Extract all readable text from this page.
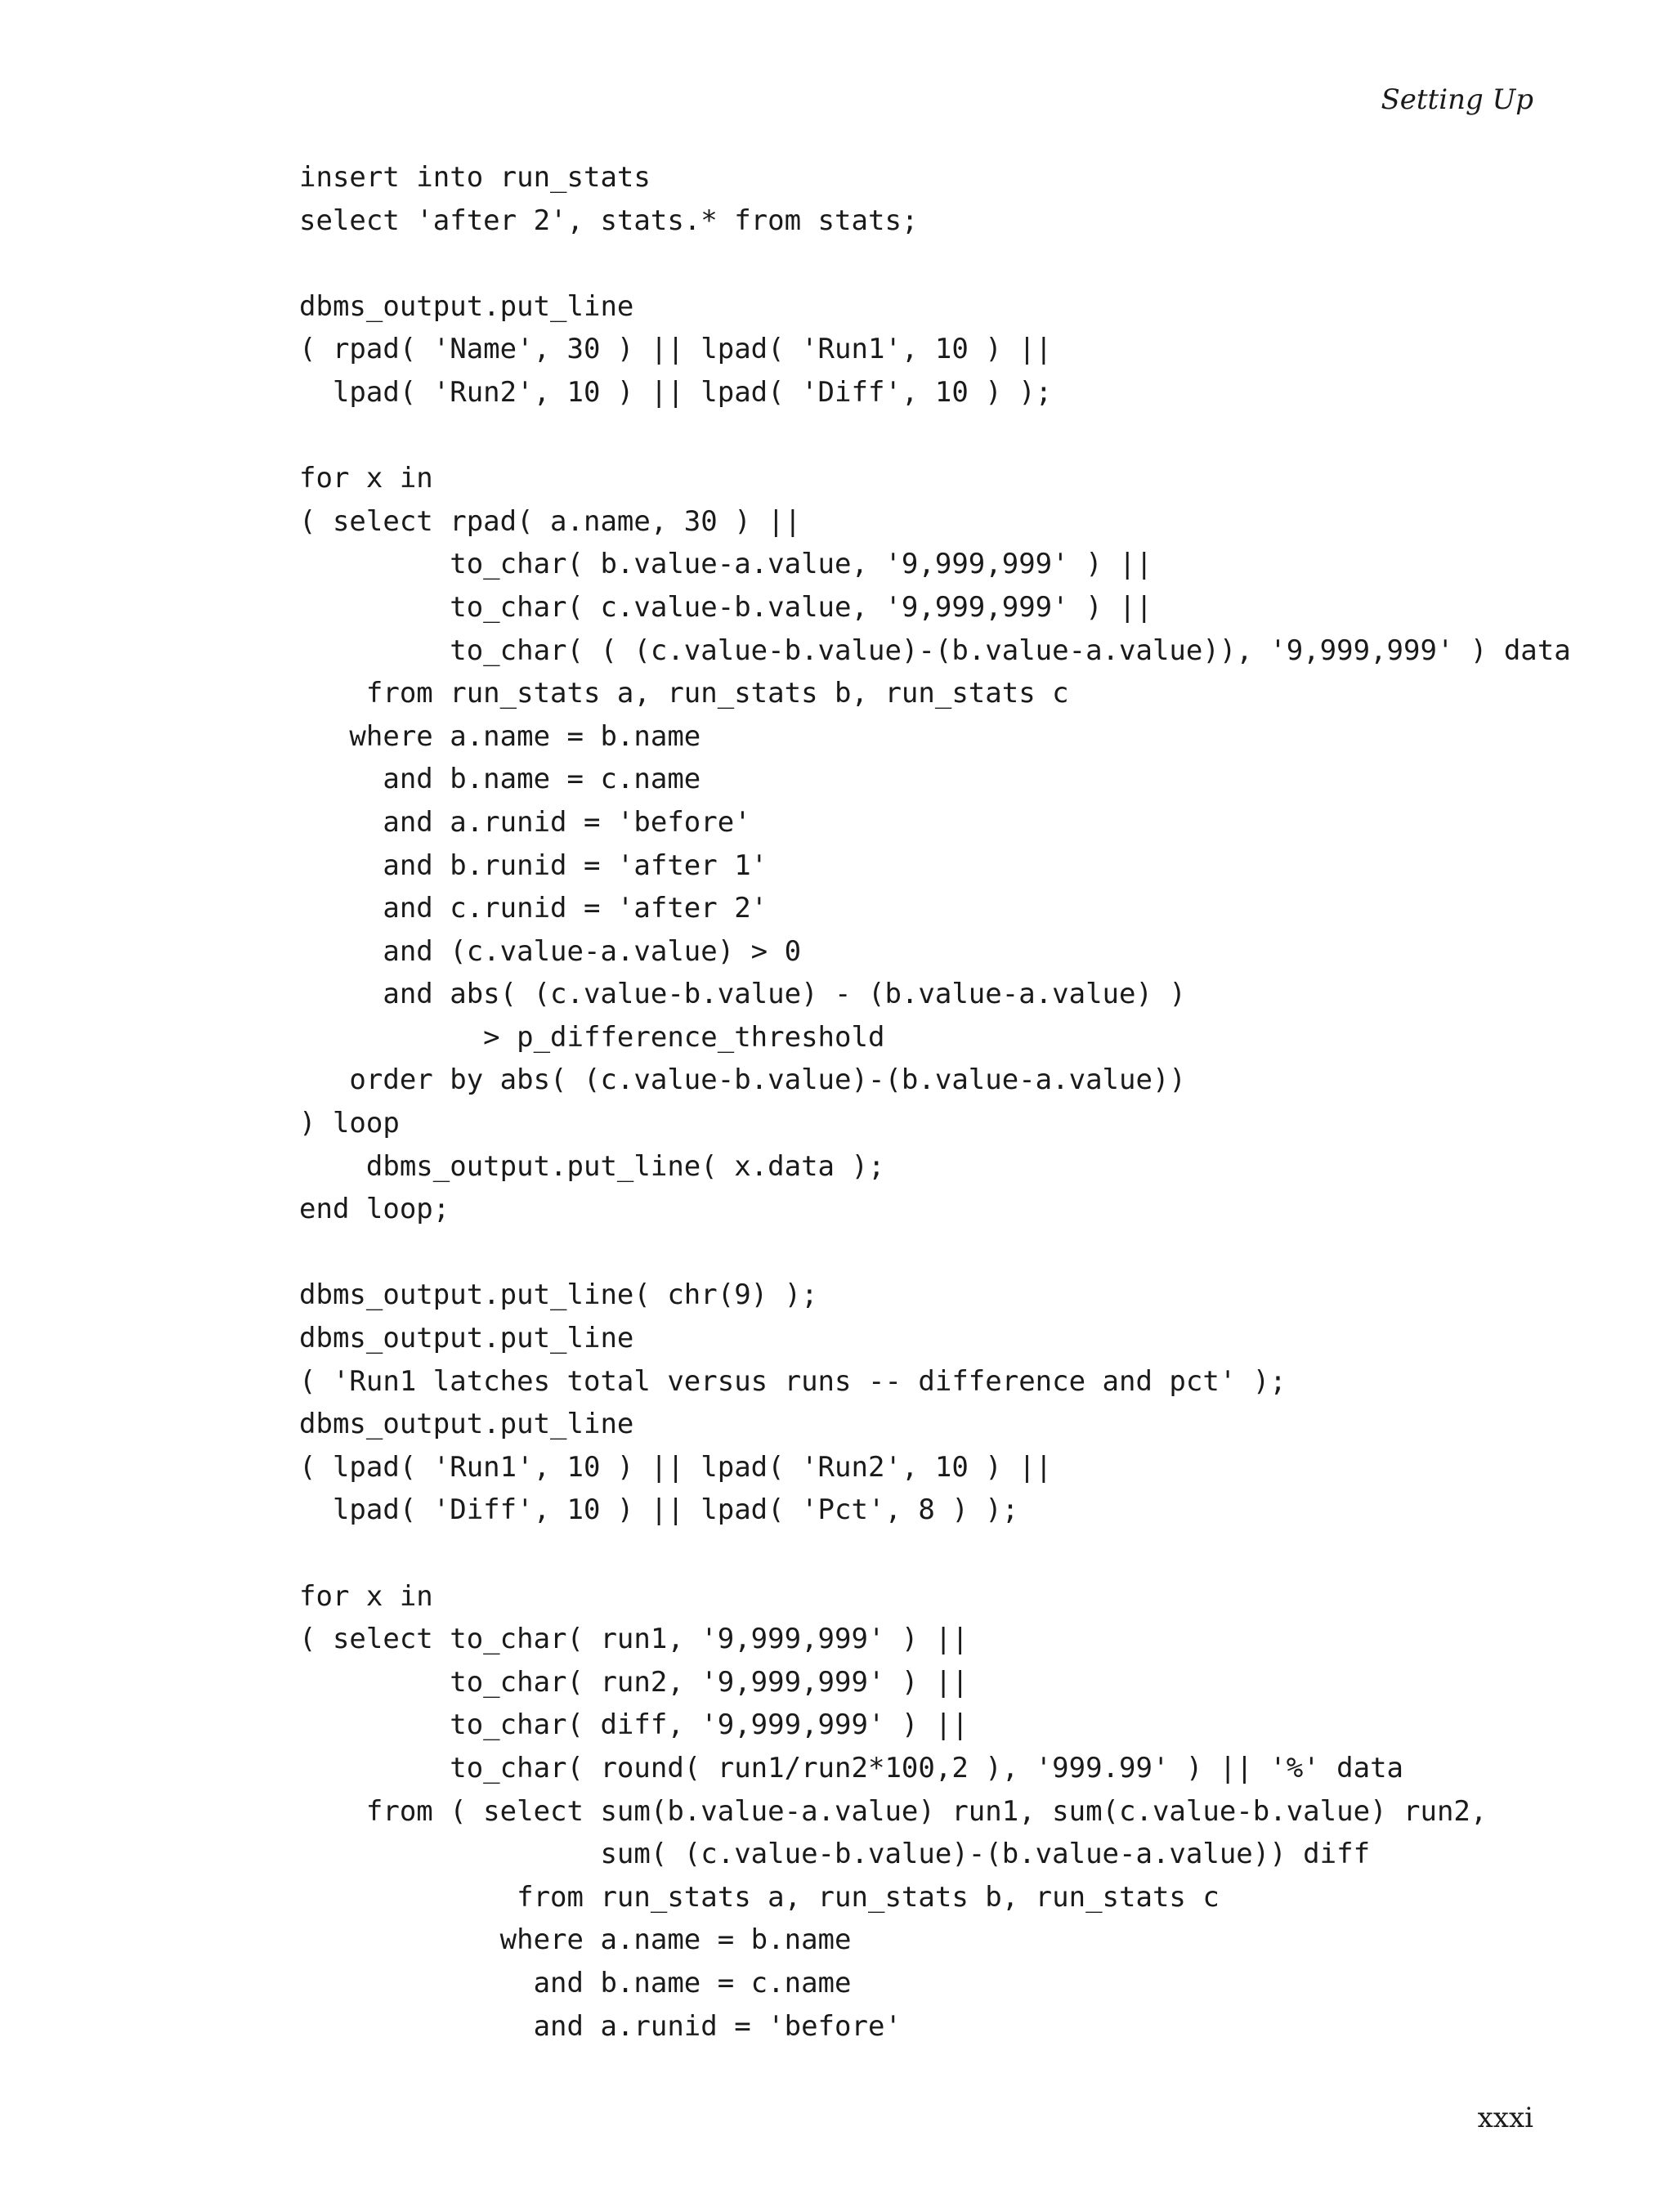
Setting Up
insert into run_stats
select 'after 2', stats.* from stats;
dbms_output.put_line
( rpad( 'Name', 30 ) || lpad( 'Run1', 10 ) ||
lpad( 'Run2', 10 ) || lpad( 'Diff', 10 ) );
for x in
( select rpad( a.name, 30 ) ||
to_char( b.value-a.value, '9,999,999' ) ||
to_char( c.value-b.value, '9,999,999' ) ||
to_char( ( (c.value-b.value)-(b.value-a.value)), '9,999,999' ) data
from run_stats a, run_stats b, run_stats c
where a.name = b.name
and b.name = c.name
and a.runid = 'before'
and b.runid = 'after 1'
and c.runid = 'after 2'
and (c.value-a.value) > 0
and abs( (c.value-b.value) - (b.value-a.value) )
> p_difference_threshold
order by abs( (c.value-b.value)-(b.value-a.value))
) loop
dbms_output.put_line( x.data );
end loop;
dbms_output.put_line( chr(9) );
dbms_output.put_line
( 'Run1 latches total versus runs -- difference and pct' );
dbms_output.put_line
( lpad( 'Run1', 10 ) || lpad( 'Run2', 10 ) ||
lpad( 'Diff', 10 ) || lpad( 'Pct', 8 ) );
for x in
( select to_char( run1, '9,999,999' ) ||
to_char( run2, '9,999,999' ) ||
to_char( diff, '9,999,999' ) ||
to_char( round( run1/run2*100,2 ), '999.99' ) || '%' data
from ( select sum(b.value-a.value) run1, sum(c.value-b.value) run2,
sum( (c.value-b.value)-(b.value-a.value)) diff
from run_stats a, run_stats b, run_stats c
where a.name = b.name
and b.name = c.name
and a.runid = 'before'
xxxi
